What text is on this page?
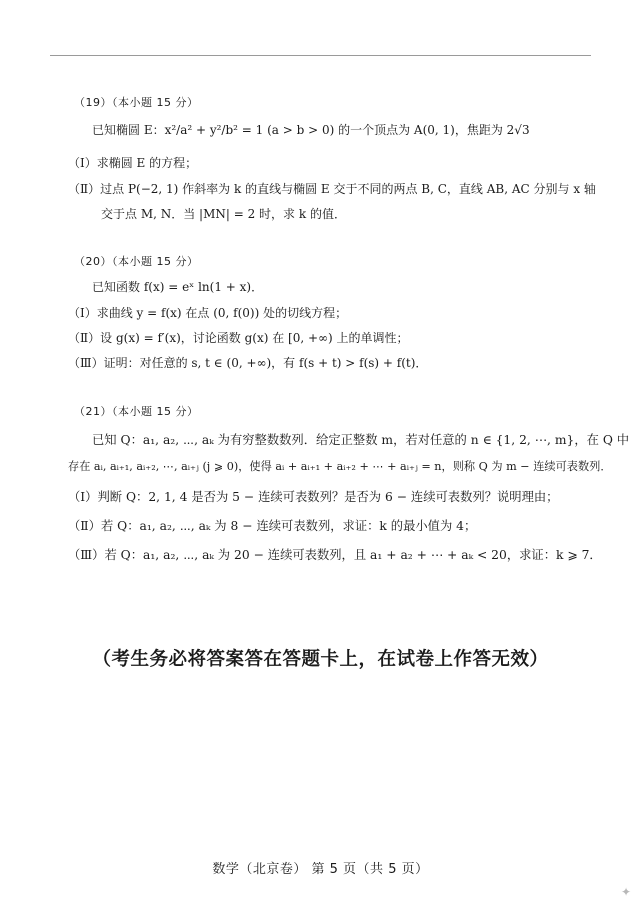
（19）（本小题 15 分）
已知椭圆 E：x²/a² + y²/b² = 1 (a > b > 0) 的一个顶点为 A(0, 1)，焦距为 2√3
（Ⅰ）求椭圆 E 的方程；
（Ⅱ）过点 P(−2, 1) 作斜率为 k 的直线与椭圆 E 交于不同的两点 B, C，直线 AB, AC 分别与 x 轴
交于点 M, N．当 |MN| = 2 时，求 k 的值．
（20）（本小题 15 分）
已知函数 f(x) = eˣ ln(1 + x)．
（Ⅰ）求曲线 y = f(x) 在点 (0, f(0)) 处的切线方程；
（Ⅱ）设 g(x) = f′(x)，讨论函数 g(x) 在 [0, +∞) 上的单调性；
（Ⅲ）证明：对任意的 s, t ∈ (0, +∞)，有 f(s + t) > f(s) + f(t)．
（21）（本小题 15 分）
已知 Q：a₁, a₂, ⋯, aₖ 为有穷整数数列．给定正整数 m，若对任意的 n ∈ {1, 2, ⋯, m}，在 Q 中
存在 aᵢ, aᵢ₊₁, aᵢ₊₂, ⋯, aᵢ₊ⱼ (j ⩾ 0)，使得 aᵢ + aᵢ₊₁ + aᵢ₊₂ + ⋯ + aᵢ₊ⱼ = n，则称 Q 为 m − 连续可表数列．
（Ⅰ）判断 Q：2, 1, 4 是否为 5 − 连续可表数列？是否为 6 − 连续可表数列？说明理由；
（Ⅱ）若 Q：a₁, a₂, ⋯, aₖ 为 8 − 连续可表数列，求证：k 的最小值为 4；
（Ⅲ）若 Q：a₁, a₂, ⋯, aₖ 为 20 − 连续可表数列，且 a₁ + a₂ + ⋯ + aₖ < 20，求证：k ⩾ 7．
（考生务必将答案答在答题卡上，在试卷上作答无效）
数学（北京卷） 第 5 页（共 5 页）
✦
